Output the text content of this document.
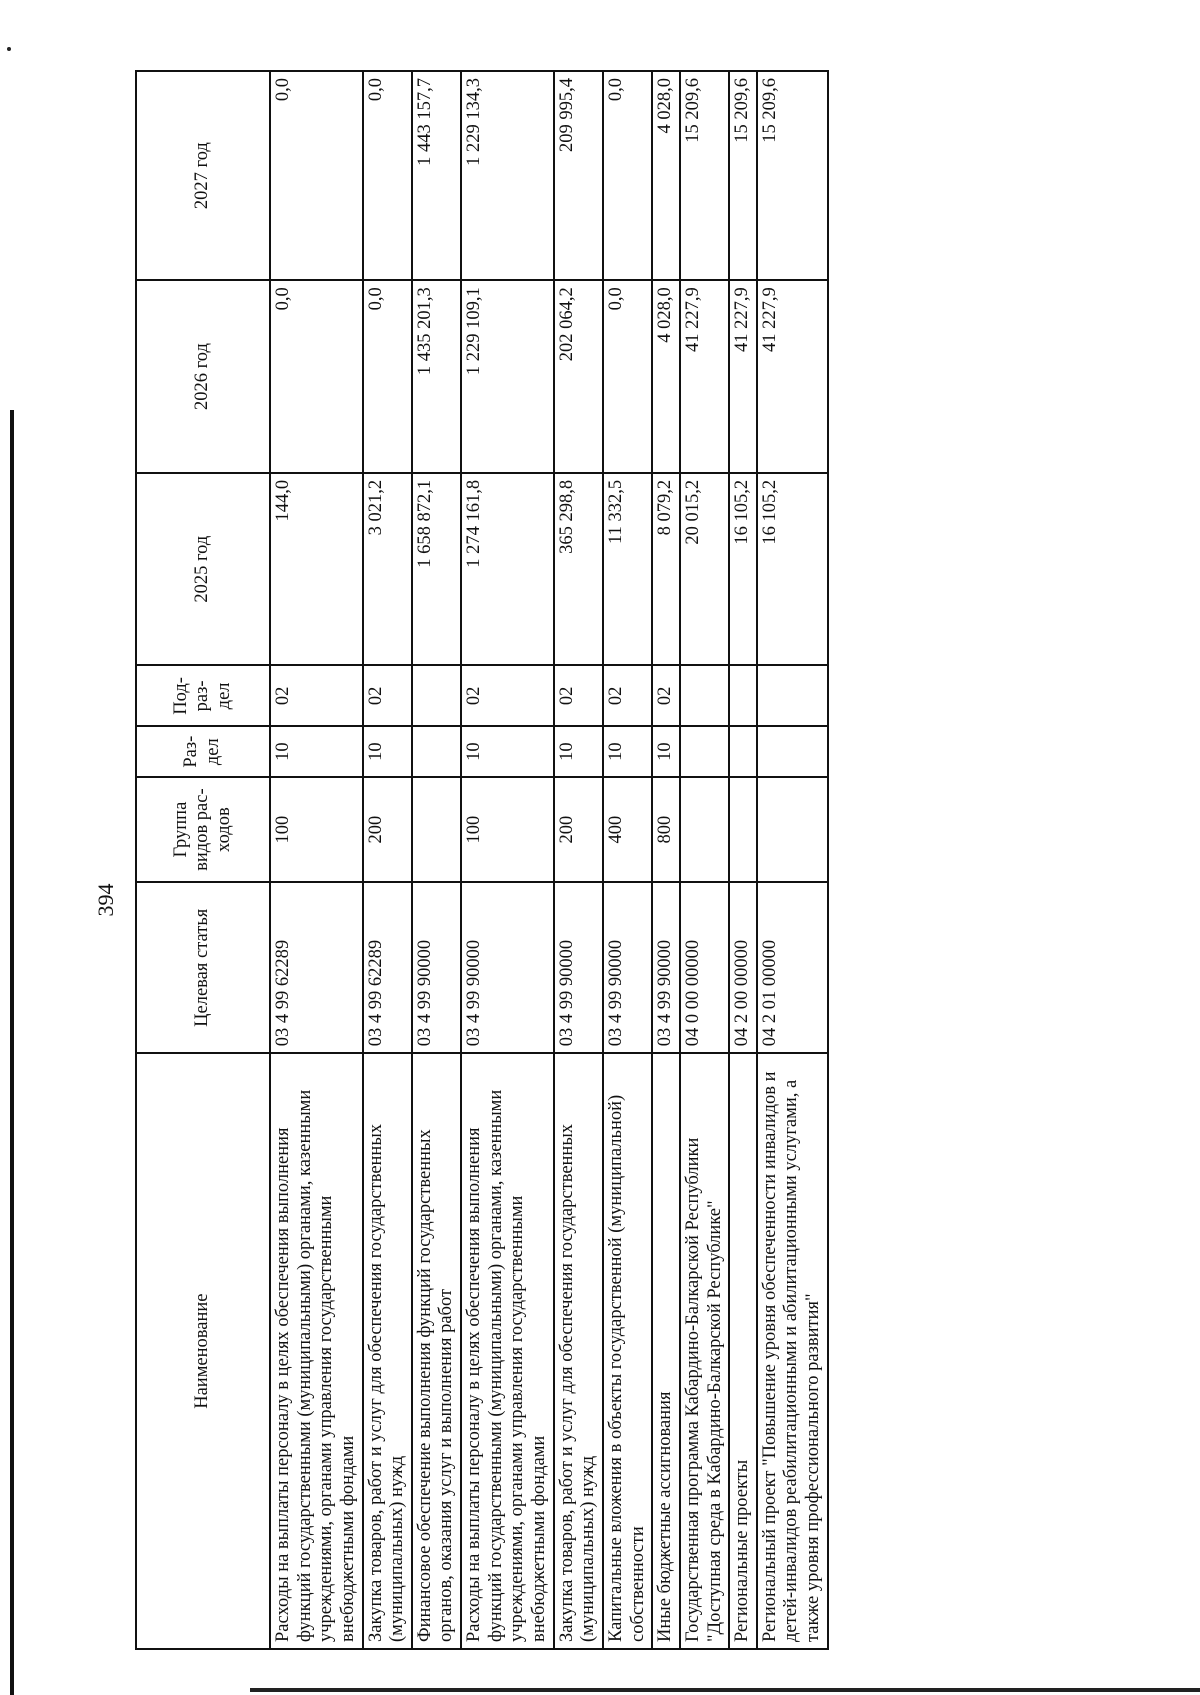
394
Наименование	Целевая статья	Группа видов рас- ходов	Раз- дел	Под- раз- дел	2025 год	2026 год	2027 год
Расходы на выплаты персоналу в целях обеспечения выполнения функций государственными (муниципальными) органами, казенными учреждениями, органами управления государственными внебюджетными фондами	03 4 99 62289	100	10	02	144,0	0,0	0,0
Закупка товаров, работ и услуг для обеспечения государственных (муниципальных) нужд	03 4 99 62289	200	10	02	3 021,2	0,0	0,0
Финансовое обеспечение выполнения функций государственных органов, оказания услуг и выполнения работ	03 4 99 90000				1 658 872,1	1 435 201,3	1 443 157,7
Расходы на выплаты персоналу в целях обеспечения выполнения функций государственными (муниципальными) органами, казенными учреждениями, органами управления государственными внебюджетными фондами	03 4 99 90000	100	10	02	1 274 161,8	1 229 109,1	1 229 134,3
Закупка товаров, работ и услуг для обеспечения государственных (муниципальных) нужд	03 4 99 90000	200	10	02	365 298,8	202 064,2	209 995,4
Капитальные вложения в объекты государственной (муниципальной) собственности	03 4 99 90000	400	10	02	11 332,5	0,0	0,0
Иные бюджетные ассигнования	03 4 99 90000	800	10	02	8 079,2	4 028,0	4 028,0
Государственная программа Кабардино-Балкарской Республики "Доступная среда в Кабардино-Балкарской Республике"	04 0 00 00000				20 015,2	41 227,9	15 209,6
Региональные проекты	04 2 00 00000				16 105,2	41 227,9	15 209,6
Региональный проект "Повышение уровня обеспеченности инвалидов и детей-инвалидов реабилитационными и абилитационными услугами, а также уровня профессионального развития"	04 2 01 00000				16 105,2	41 227,9	15 209,6
